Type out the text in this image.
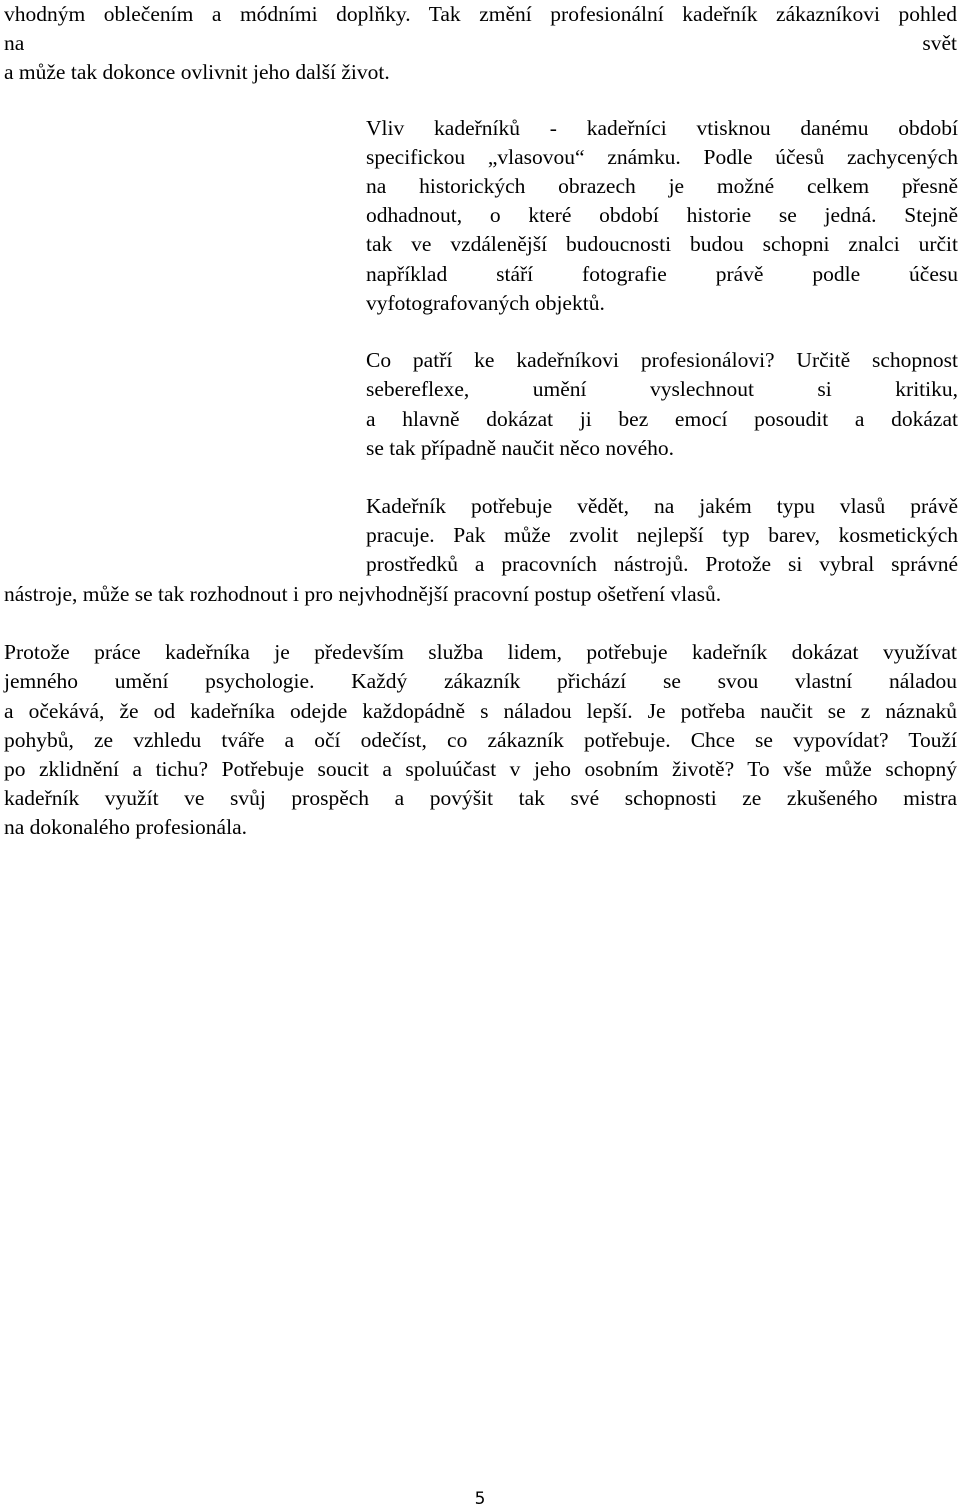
vhodným oblečením a módními doplňky. Tak změní profesionální kadeřník zákazníkovi pohled
na	svět
a může tak dokonce ovlivnit jeho další život.
Vliv kadeřníků - kadeřníci vtisknou danému období
specifickou „vlasovou“ známku. Podle účesů zachycených
na historických obrazech je možné celkem přesně
odhadnout, o které období historie se jedná. Stejně
tak ve vzdálenější budoucnosti budou schopni znalci určit
například stáří fotografie právě podle účesu
vyfotografovaných objektů.
Co patří ke kadeřníkovi profesionálovi? Určitě schopnost
sebereflexe, umění vyslechnout si kritiku,
a hlavně dokázat ji bez emocí posoudit a dokázat
se tak případně naučit něco nového.
Kadeřník potřebuje vědět, na jakém typu vlasů právě
pracuje. Pak může zvolit nejlepší typ barev, kosmetických
prostředků a pracovních nástrojů. Protože si vybral správné
nástroje, může se tak rozhodnout i pro nejvhodnější pracovní postup ošetření vlasů.
Protože práce kadeřníka je především služba lidem, potřebuje kadeřník dokázat využívat
jemného umění psychologie. Každý zákazník přichází se svou vlastní náladou
a očekává, že od kadeřníka odejde každopádně s náladou lepší. Je potřeba naučit se z náznaků
pohybů, ze vzhledu tváře a očí odečíst, co zákazník potřebuje. Chce se vypovídat? Touží
po zklidnění a tichu? Potřebuje soucit a spoluúčast v jeho osobním životě? To vše může schopný
kadeřník využít ve svůj prospěch a povýšit tak své schopnosti ze zkušeného mistra
na dokonalého profesionála.
5
